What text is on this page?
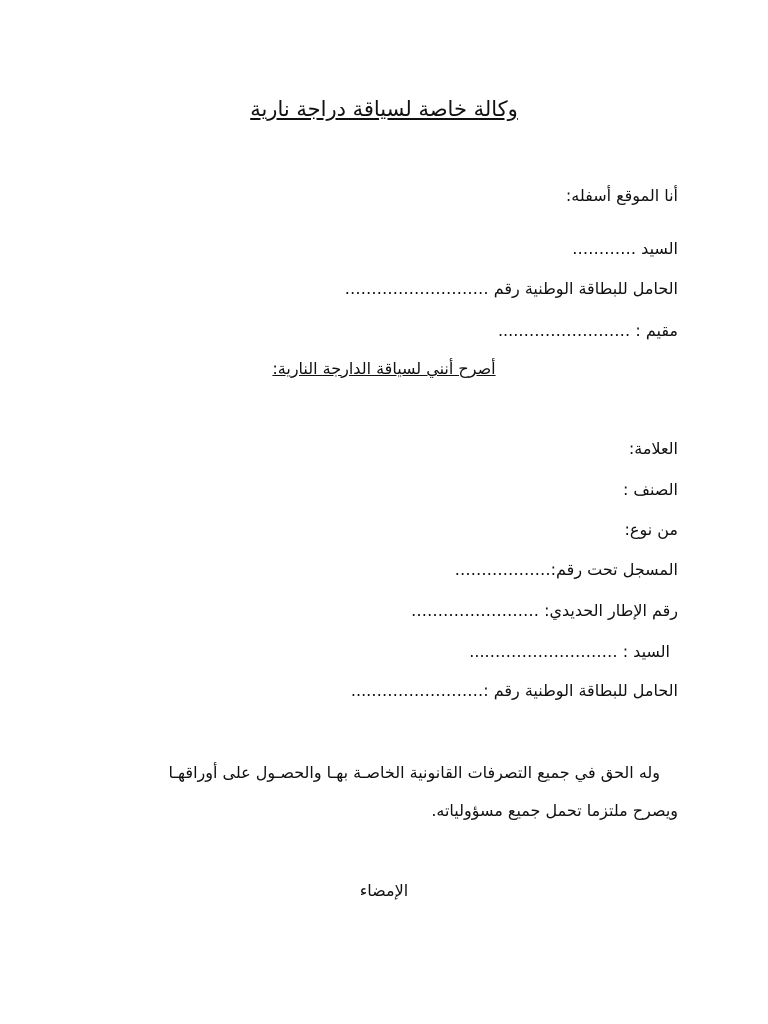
وكالة خاصة لسياقة دراجة نارية
أنا الموقع أسفله:
السيد …………
الحامل للبطاقة الوطنية رقم ………………………
مقيم : …………………....
أصرح أنني لسياقة الدارجة النارية:
العلامة:
الصنف :
من نوع:
المسجل تحت رقم:………………
رقم الإطار الحديدي: ……………………
السيد : ……………………....
الحامل للبطاقة الوطنية رقم :…………………....
وله الحق في جميع التصرفات القانونية الخاصـة بهـا والحصـول على أوراقهـا
ويصرح ملتزما تحمل جميع مسؤولياته.
الإمضاء
